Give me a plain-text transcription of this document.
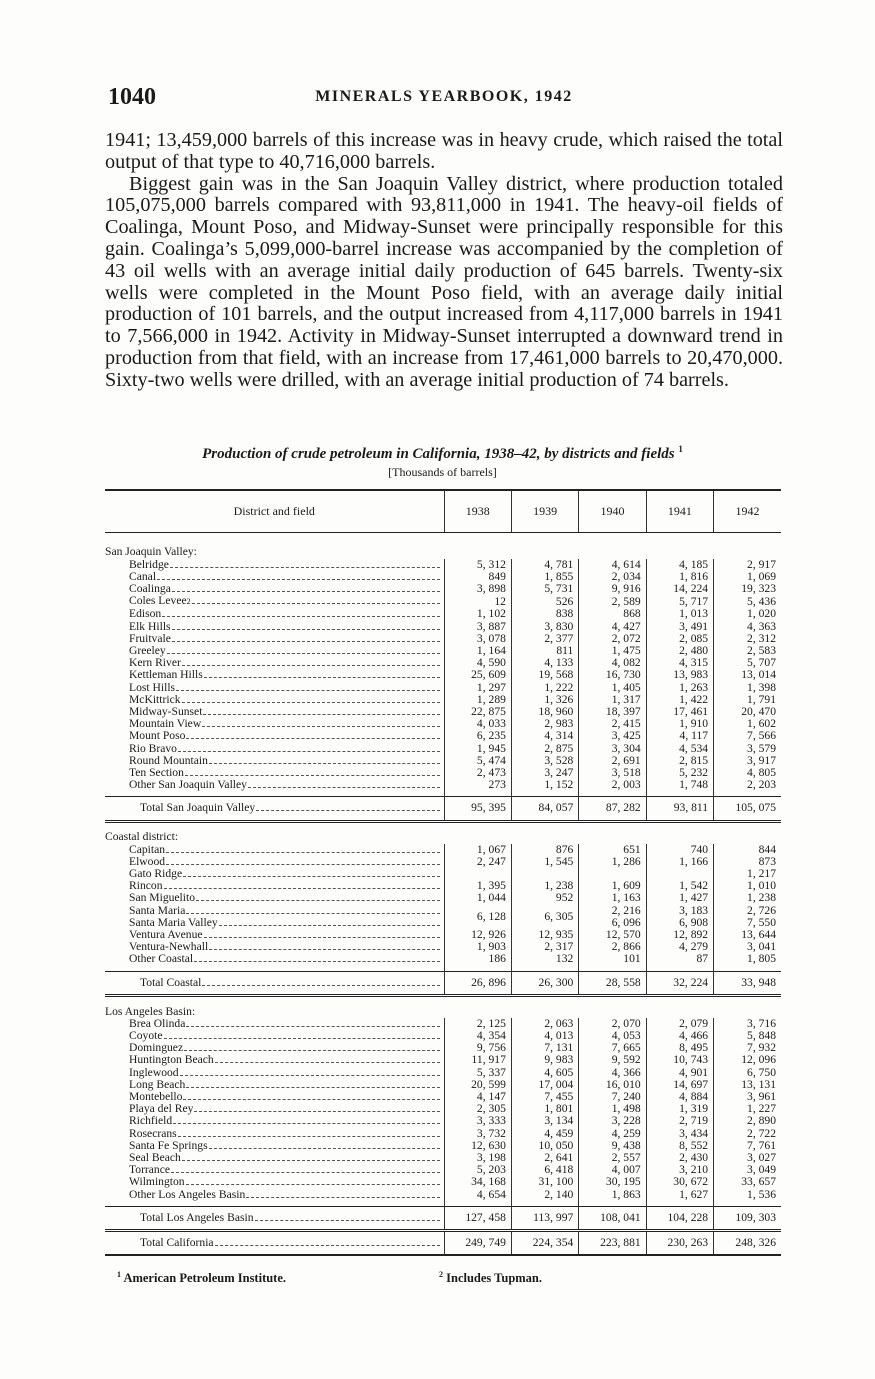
1040	MINERALS YEARBOOK, 1942

1941; 13,459,000 barrels of this increase was in heavy crude, which raised the total output of that type to 40,716,000 barrels.

Biggest gain was in the San Joaquin Valley district, where production totaled 105,075,000 barrels compared with 93,811,000 in 1941. The heavy-oil fields of Coalinga, Mount Poso, and Midway-Sunset were principally responsible for this gain. Coalinga’s 5,099,000-barrel increase was accompanied by the completion of 43 oil wells with an average initial daily production of 645 barrels. Twenty-six wells were completed in the Mount Poso field, with an average daily initial production of 101 barrels, and the output increased from 4,117,000 barrels in 1941 to 7,566,000 in 1942. Activity in Midway-Sunset interrupted a downward trend in production from that field, with an increase from 17,461,000 barrels to 20,470,000. Sixty-two wells were drilled, with an average initial production of 74 barrels.

Production of crude petroleum in California, 1938–42, by districts and fields $^1$
[Thousands of barrels]
District and field	1938	1939	1940	1941	1942
San Joaquin Valley:					

Belridge	5, 312	4, 781	4, 614	4, 185	2, 917

Canal	849	1, 855	2, 034	1, 816	1, 069

Coalinga	3, 898	5, 731	9, 916	14, 224	19, 323

Coles Levee 2	12	526	2, 589	5, 717	5, 436

Edison	1, 102	838	868	1, 013	1, 020

Elk Hills	3, 887	3, 830	4, 427	3, 491	4, 363

Fruitvale	3, 078	2, 377	2, 072	2, 085	2, 312

Greeley	1, 164	811	1, 475	2, 480	2, 583

Kern River	4, 590	4, 133	4, 082	4, 315	5, 707

Kettleman Hills	25, 609	19, 568	16, 730	13, 983	13, 014

Lost Hills	1, 297	1, 222	1, 405	1, 263	1, 398

McKittrick	1, 289	1, 326	1, 317	1, 422	1, 791

Midway-Sunset	22, 875	18, 960	18, 397	17, 461	20, 470

Mountain View	4, 033	2, 983	2, 415	1, 910	1, 602

Mount Poso	6, 235	4, 314	3, 425	4, 117	7, 566

Rio Bravo	1, 945	2, 875	3, 304	4, 534	3, 579

Round Mountain	5, 474	3, 528	2, 691	2, 815	3, 917

Ten Section	2, 473	3, 247	3, 518	5, 232	4, 805

Other San Joaquin Valley	273	1, 152	2, 003	1, 748	2, 203

Total San Joaquin Valley	95, 395	84, 057	87, 282	93, 811	105, 075
Coastal district:					

Capitan	1, 067	876	651	740	844

Elwood	2, 247	1, 545	1, 286	1, 166	873

Gato Ridge					1, 217

Rincon	1, 395	1, 238	1, 609	1, 542	1, 010

San Miguelito	1, 044	952	1, 163	1, 427	1, 238

Santa Maria	6, 128	6, 305	2, 216	3, 183	2, 726

Santa Maria Valley			6, 096	6, 908	7, 550

Ventura Avenue	12, 926	12, 935	12, 570	12, 892	13, 644

Ventura-Newhall	1, 903	2, 317	2, 866	4, 279	3, 041

Other Coastal	186	132	101	87	1, 805

Total Coastal	26, 896	26, 300	28, 558	32, 224	33, 948
Los Angeles Basin:					

Brea Olinda	2, 125	2, 063	2, 070	2, 079	3, 716

Coyote	4, 354	4, 013	4, 053	4, 466	5, 848

Dominguez	9, 756	7, 131	7, 665	8, 495	7, 932

Huntington Beach	11, 917	9, 983	9, 592	10, 743	12, 096

Inglewood	5, 337	4, 605	4, 366	4, 901	6, 750

Long Beach	20, 599	17, 004	16, 010	14, 697	13, 131

Montebello	4, 147	7, 455	7, 240	4, 884	3, 961

Playa del Rey	2, 305	1, 801	1, 498	1, 319	1, 227

Richfield	3, 333	3, 134	3, 228	2, 719	2, 890

Rosecrans	3, 732	4, 459	4, 259	3, 434	2, 722

Santa Fe Springs	12, 630	10, 050	9, 438	8, 552	7, 761

Seal Beach	3, 198	2, 641	2, 557	2, 430	3, 027

Torrance	5, 203	6, 418	4, 007	3, 210	3, 049

Wilmington	34, 168	31, 100	30, 195	30, 672	33, 657

Other Los Angeles Basin	4, 654	2, 140	1, 863	1, 627	1, 536

Total Los Angeles Basin	127, 458	113, 997	108, 041	104, 228	109, 303

Total California	249, 749	224, 354	223, 881	230, 263	248, 326
$^1$ American Petroleum Institute.	$^2$ Includes Tupman.
